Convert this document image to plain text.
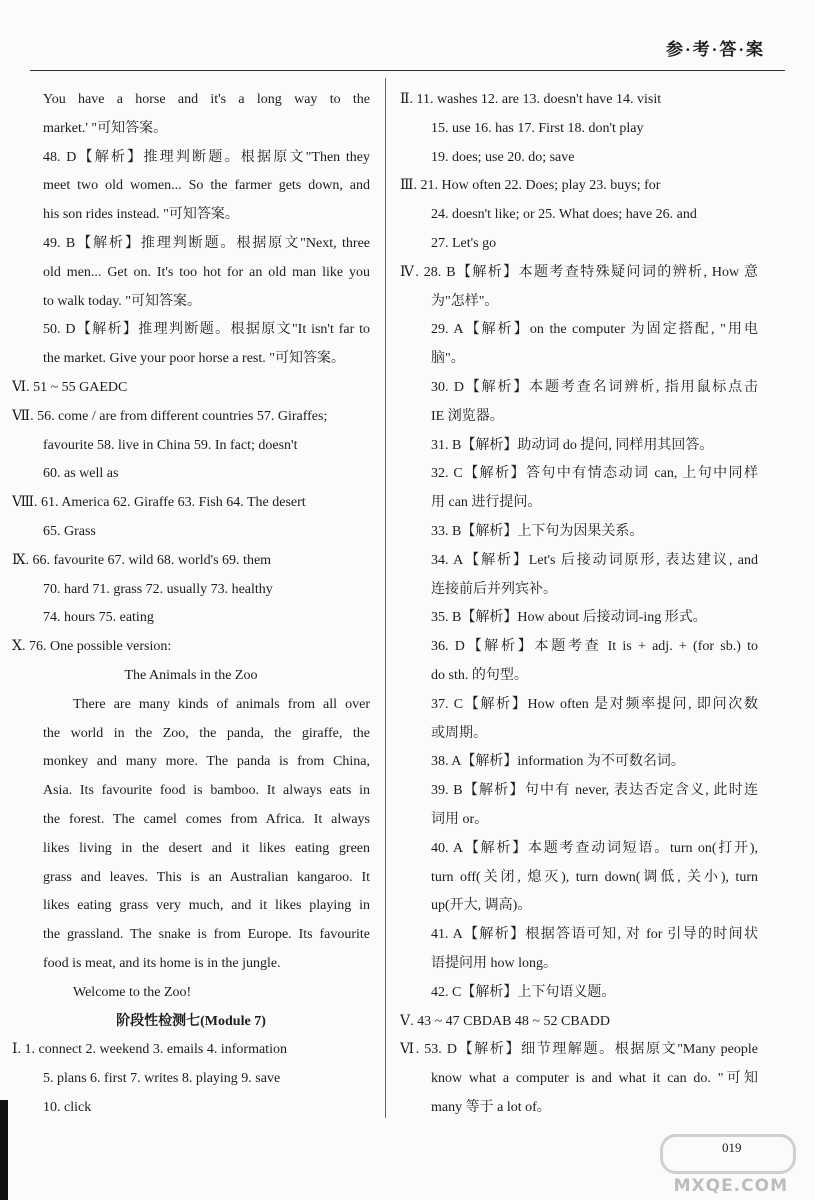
参·考·答·案
You have a horse and it's a long way to the
market.' "可知答案。
48. D【解析】推理判断题。根据原文"Then they
meet two old women... So the farmer gets down, and
his son rides instead. "可知答案。
49. B【解析】推理判断题。根据原文"Next, three
old men... Get on. It's too hot for an old man like you
to walk today. "可知答案。
50. D【解析】推理判断题。根据原文"It isn't far to
the market. Give your poor horse a rest. "可知答案。
Ⅵ. 51 ~ 55 GAEDC
Ⅶ. 56. come / are from different countries 57. Giraffes;
favourite 58. live in China 59. In fact; doesn't
60. as well as
Ⅷ. 61. America 62. Giraffe 63. Fish 64. The desert
65. Grass
Ⅸ. 66. favourite 67. wild 68. world's 69. them
70. hard 71. grass 72. usually 73. healthy
74. hours 75. eating
Ⅹ. 76. One possible version:
The Animals in the Zoo
There are many kinds of animals from all over
the world in the Zoo, the panda, the giraffe, the
monkey and many more. The panda is from China,
Asia. Its favourite food is bamboo. It always eats in
the forest. The camel comes from Africa. It always
likes living in the desert and it likes eating green
grass and leaves. This is an Australian kangaroo. It
likes eating grass very much, and it likes playing in
the grassland. The snake is from Europe. Its favourite
food is meat, and its home is in the jungle.
Welcome to the Zoo!
阶段性检测七(Module 7)
Ⅰ. 1. connect 2. weekend 3. emails 4. information
5. plans 6. first 7. writes 8. playing 9. save
10. click
Ⅱ. 11. washes 12. are 13. doesn't have 14. visit
15. use 16. has 17. First 18. don't play
19. does; use 20. do; save
Ⅲ. 21. How often 22. Does; play 23. buys; for
24. doesn't like; or 25. What does; have 26. and
27. Let's go
Ⅳ. 28. B【解析】本题考查特殊疑问词的辨析, How 意
为"怎样"。
29. A【解析】on the computer 为固定搭配, "用电
脑"。
30. D【解析】本题考查名词辨析, 指用鼠标点击
IE 浏览器。
31. B【解析】助动词 do 提问, 同样用其回答。
32. C【解析】答句中有情态动词 can, 上句中同样
用 can 进行提问。
33. B【解析】上下句为因果关系。
34. A【解析】Let's 后接动词原形, 表达建议, and
连接前后并列宾补。
35. B【解析】How about 后接动词-ing 形式。
36. D【解析】本题考查 It is + adj. + (for sb.) to
do sth. 的句型。
37. C【解析】How often 是对频率提问, 即问次数
或周期。
38. A【解析】information 为不可数名词。
39. B【解析】句中有 never, 表达否定含义, 此时连
词用 or。
40. A【解析】本题考查动词短语。turn on(打开),
turn off(关闭, 熄灭), turn down(调低, 关小), turn
up(开大, 调高)。
41. A【解析】根据答语可知, 对 for 引导的时间状
语提问用 how long。
42. C【解析】上下句语义题。
Ⅴ. 43 ~ 47 CBDAB 48 ~ 52 CBADD
Ⅵ. 53. D【解析】细节理解题。根据原文"Many people
know what a computer is and what it can do. "可知
many 等于 a lot of。
019
MXQE.COM
